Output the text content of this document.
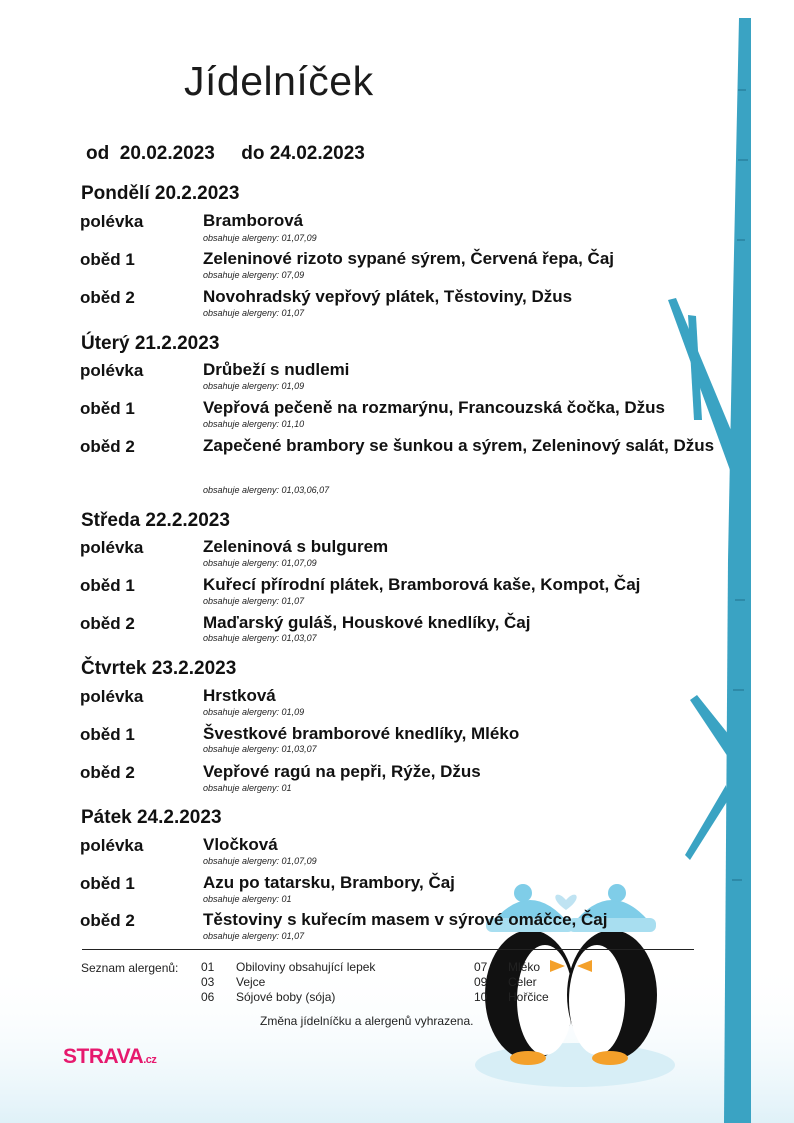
Jídelníček
od 20.02.2023 do 24.02.2023
Pondělí 20.2.2023
polévka	Bramborová
obsahuje alergeny: 01,07,09
oběd 1	Zeleninové rizoto sypané sýrem, Červená řepa, Čaj
obsahuje alergeny: 07,09
oběd 2	Novohradský vepřový plátek, Těstoviny, Džus
obsahuje alergeny: 01,07
Úterý 21.2.2023
polévka	Drůbeží s nudlemi
obsahuje alergeny: 01,09
oběd 1	Vepřová pečeně na rozmarýnu, Francouzská čočka, Džus
obsahuje alergeny: 01,10
oběd 2	Zapečené brambory se šunkou a sýrem, Zeleninový salát, Džus
obsahuje alergeny: 01,03,06,07
Středa 22.2.2023
polévka	Zeleninová s bulgurem
obsahuje alergeny: 01,07,09
oběd 1	Kuřecí přírodní plátek, Bramborová kaše, Kompot, Čaj
obsahuje alergeny: 01,07
oběd 2	Maďarský guláš, Houskové knedlíky, Čaj
obsahuje alergeny: 01,03,07
Čtvrtek 23.2.2023
polévka	Hrstková
obsahuje alergeny: 01,09
oběd 1	Švestkové bramborové knedlíky, Mléko
obsahuje alergeny: 01,03,07
oběd 2	Vepřové ragú na pepři, Rýže, Džus
obsahuje alergeny: 01
Pátek 24.2.2023
polévka	Vločková
obsahuje alergeny: 01,07,09
oběd 1	Azu po tatarsku, Brambory, Čaj
obsahuje alergeny: 01
oběd 2	Těstoviny s kuřecím masem v sýrové omáčce, Čaj
obsahuje alergeny: 01,07
Seznam alergenů: 01 Obiloviny obsahující lepek
03 Vejce
06 Sójové boby (sója)
07 Mléko
09 Celer
10 Hořčice
Změna jídelníčku a alergenů vyhrazena.
STRAVA.cz
